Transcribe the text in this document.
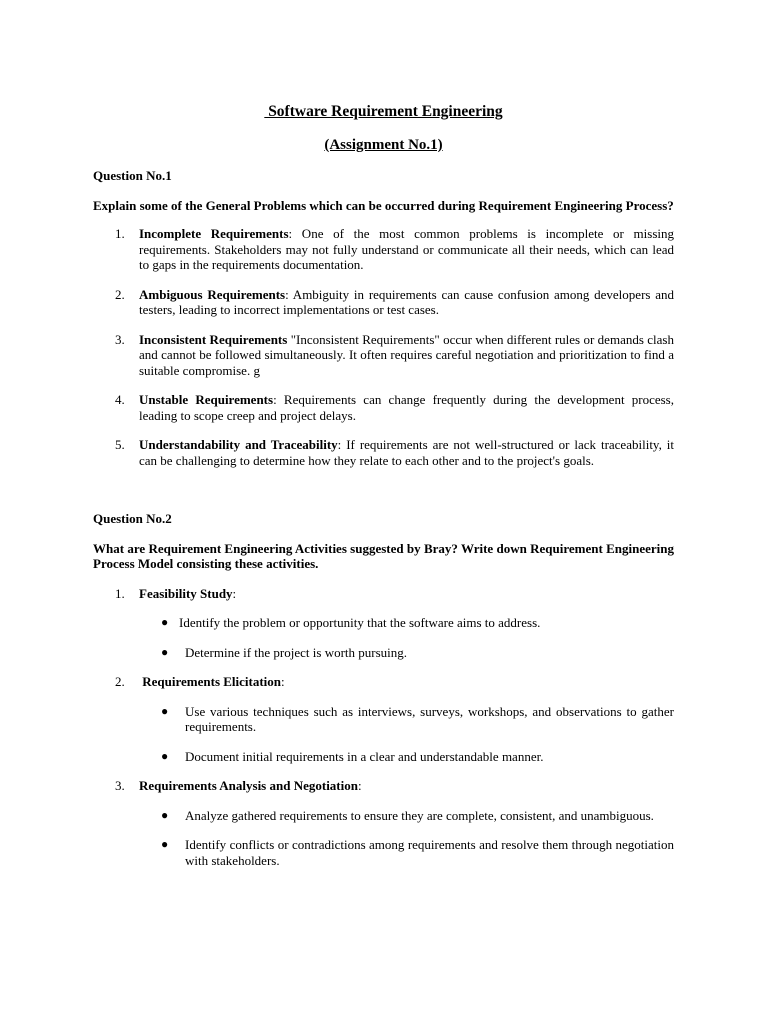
Software Requirement Engineering

(Assignment No.1)

Question No.1

Explain some of the General Problems which can be occurred during Requirement Engineering Process?

1. Incomplete Requirements: One of the most common problems is incomplete or missing requirements. Stakeholders may not fully understand or communicate all their needs, which can lead to gaps in the requirements documentation.
2. Ambiguous Requirements: Ambiguity in requirements can cause confusion among developers and testers, leading to incorrect implementations or test cases.
3. Inconsistent Requirements "Inconsistent Requirements" occur when different rules or demands clash and cannot be followed simultaneously. It often requires careful negotiation and prioritization to find a suitable compromise. g
4. Unstable Requirements: Requirements can change frequently during the development process, leading to scope creep and project delays.
5. Understandability and Traceability: If requirements are not well-structured or lack traceability, it can be challenging to determine how they relate to each other and to the project's goals.

Question No.2

What are Requirement Engineering Activities suggested by Bray? Write down Requirement Engineering Process Model consisting these activities.

1. Feasibility Study:
● Identify the problem or opportunity that the software aims to address.
● Determine if the project is worth pursuing.
2. Requirements Elicitation:
● Use various techniques such as interviews, surveys, workshops, and observations to gather requirements.
● Document initial requirements in a clear and understandable manner.
3. Requirements Analysis and Negotiation:
● Analyze gathered requirements to ensure they are complete, consistent, and unambiguous.
● Identify conflicts or contradictions among requirements and resolve them through negotiation with stakeholders.
